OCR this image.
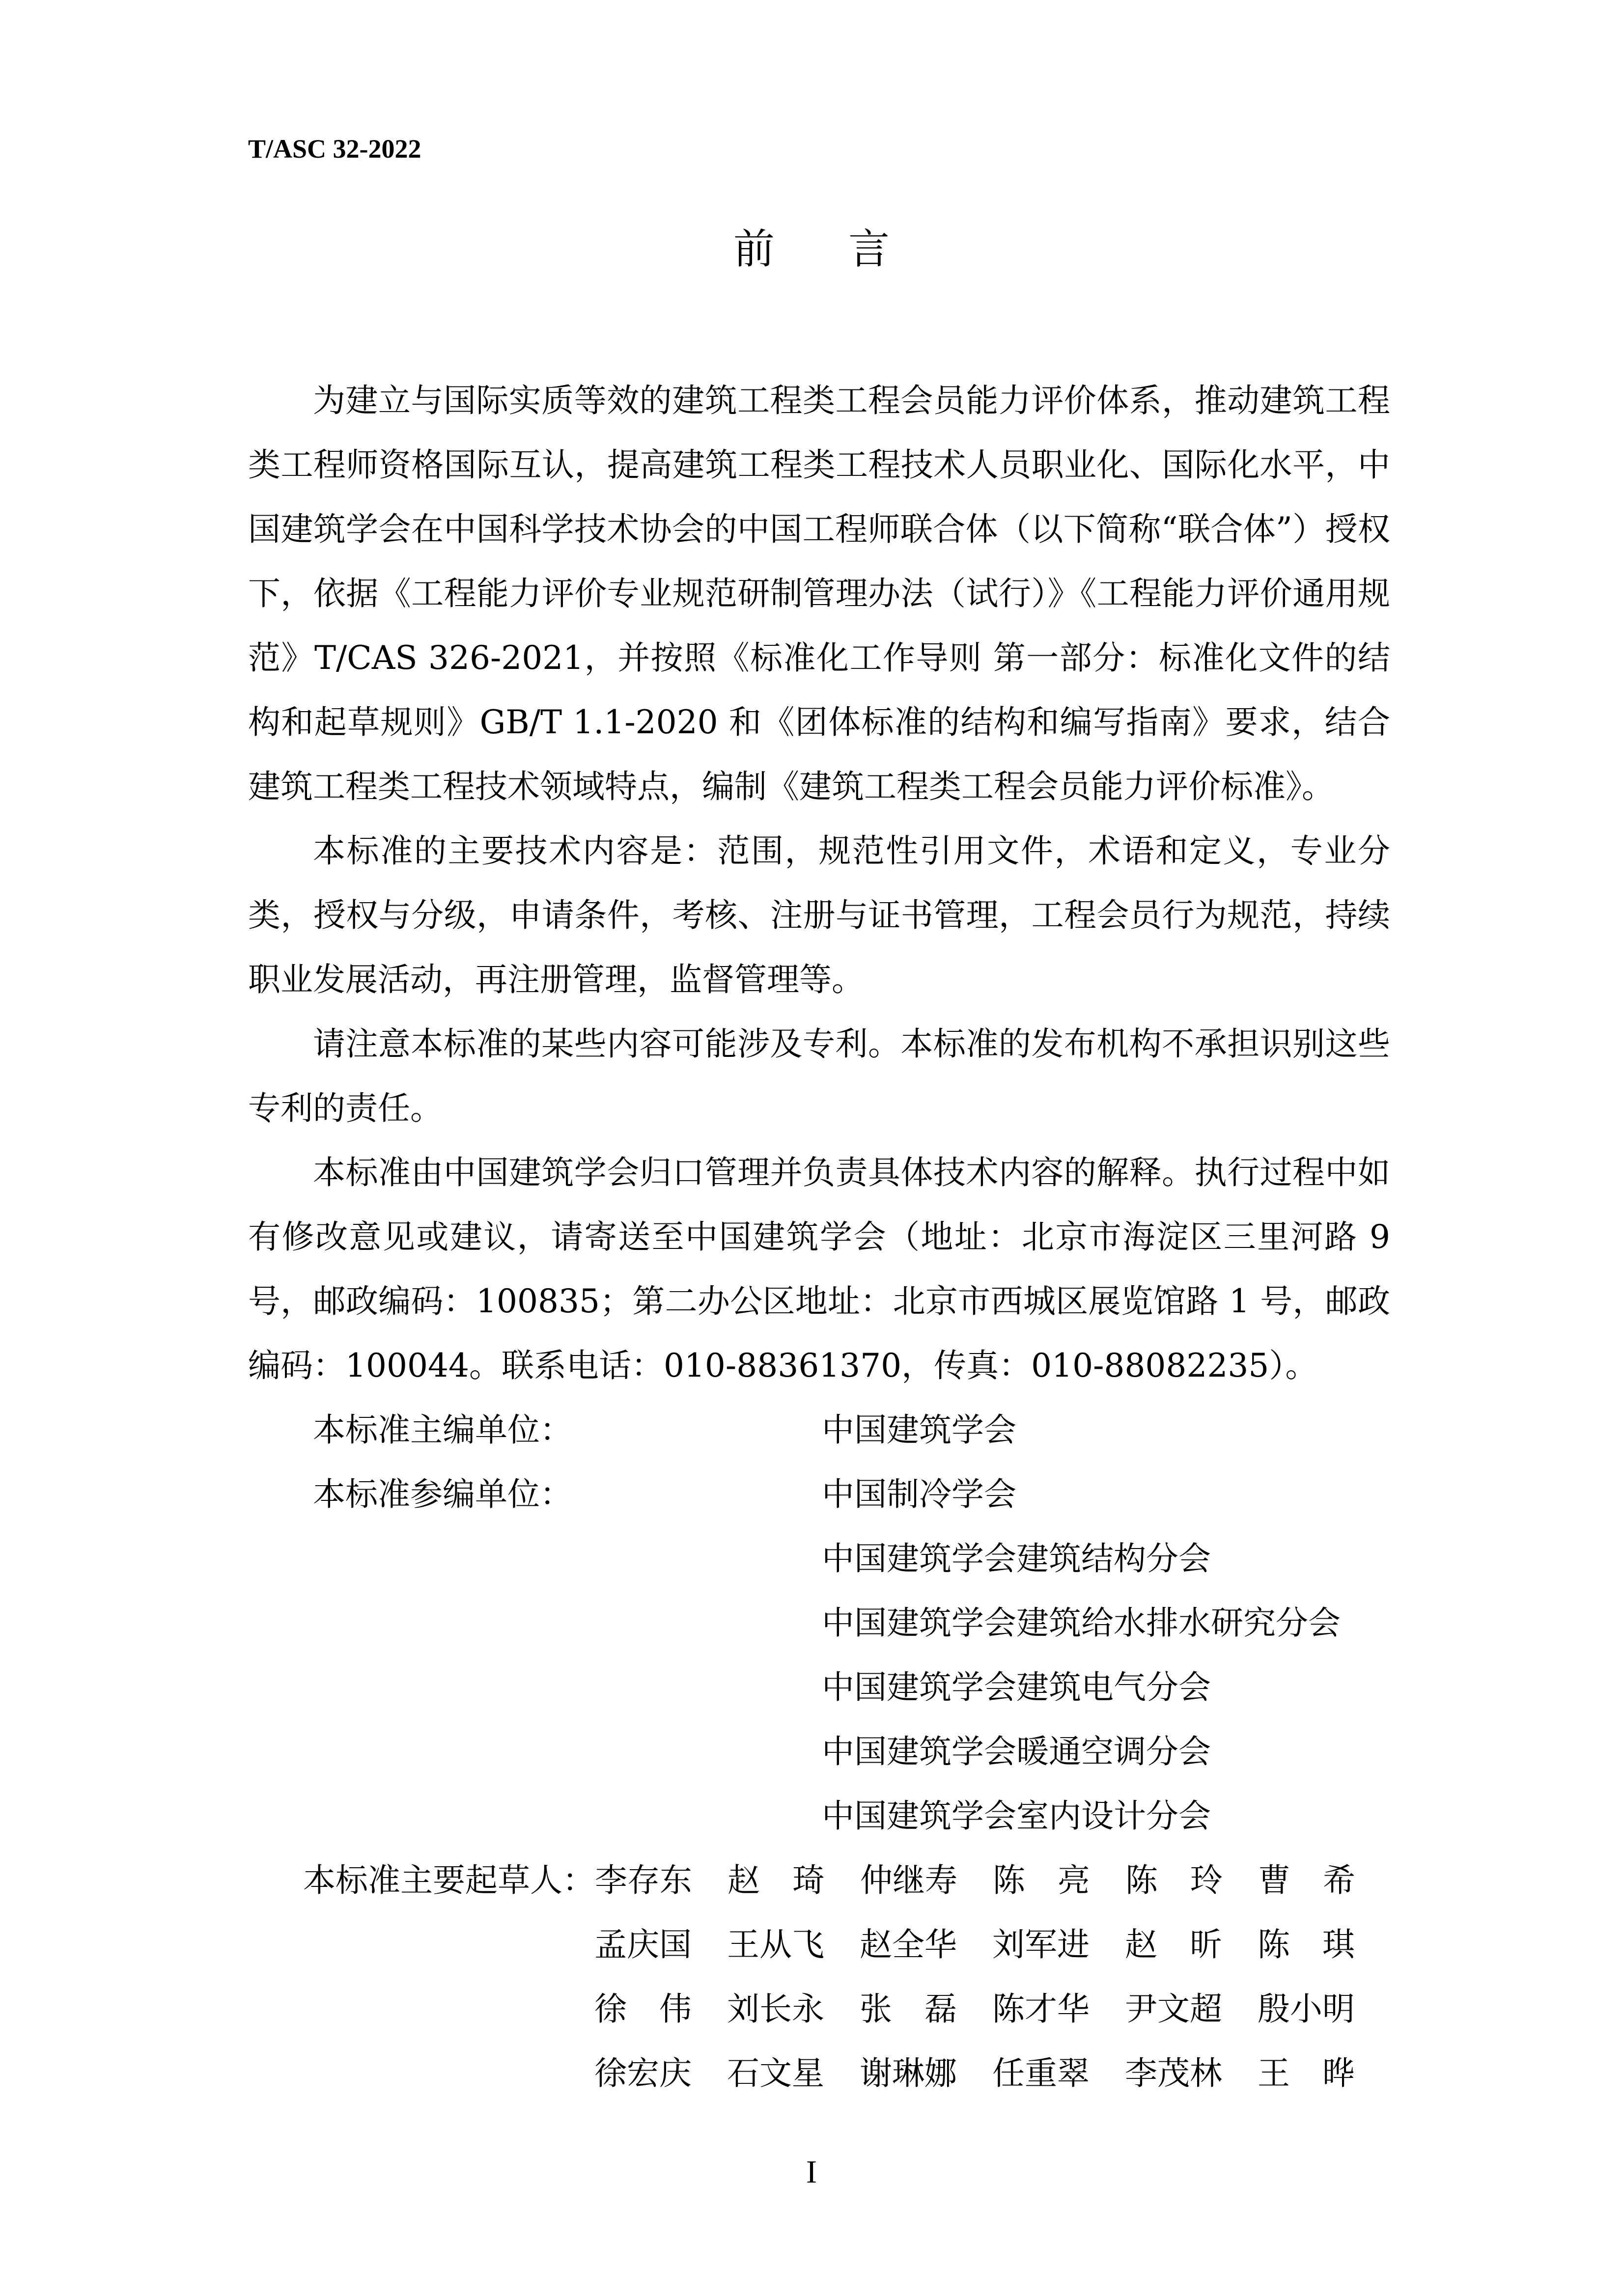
T/ASC 32-2022
前言

为建立与国际实质等效的建筑工程类工程会员能力评价体系，推动建筑工程类工程师资格国际互认，提高建筑工程类工程技术人员职业化、国际化水平，中国建筑学会在中国科学技术协会的中国工程师联合体（以下简称“联合体”）授权下，依据《工程能力评价专业规范研制管理办法（试行）》《工程能力评价通用规范》T/CAS 326-2021，并按照《标准化工作导则 第一部分：标准化文件的结构和起草规则》GB/T 1.1-2020 和《团体标准的结构和编写指南》要求，结合建筑工程类工程技术领域特点，编制《建筑工程类工程会员能力评价标准》。

本标准的主要技术内容是：范围，规范性引用文件，术语和定义，专业分类，授权与分级，申请条件，考核、注册与证书管理，工程会员行为规范，持续职业发展活动，再注册管理，监督管理等。

请注意本标准的某些内容可能涉及专利。本标准的发布机构不承担识别这些专利的责任。

本标准由中国建筑学会归口管理并负责具体技术内容的解释。执行过程中如有修改意见或建议，请寄送至中国建筑学会（地址：北京市海淀区三里河路 9 号，邮政编码：100835；第二办公区地址：北京市西城区展览馆路 1 号，邮政编码：100044。联系电话：010-88361370，传真：010-88082235）。

本标准主编单位：	中国建筑学会
本标准参编单位：	中国制冷学会
中国建筑学会建筑结构分会
中国建筑学会建筑给水排水研究分会
中国建筑学会建筑电气分会
中国建筑学会暖通空调分会
中国建筑学会室内设计分会
本标准主要起草人： 李存东	赵　琦	仲继寿	陈　亮	陈　玲	曹　希
孟庆国	王从飞	赵全华	刘军进	赵　昕	陈　琪
徐　伟	刘长永	张　磊	陈才华	尹文超	殷小明
徐宏庆	石文星	谢琳娜	任重翠	李茂林	王　晔
I
